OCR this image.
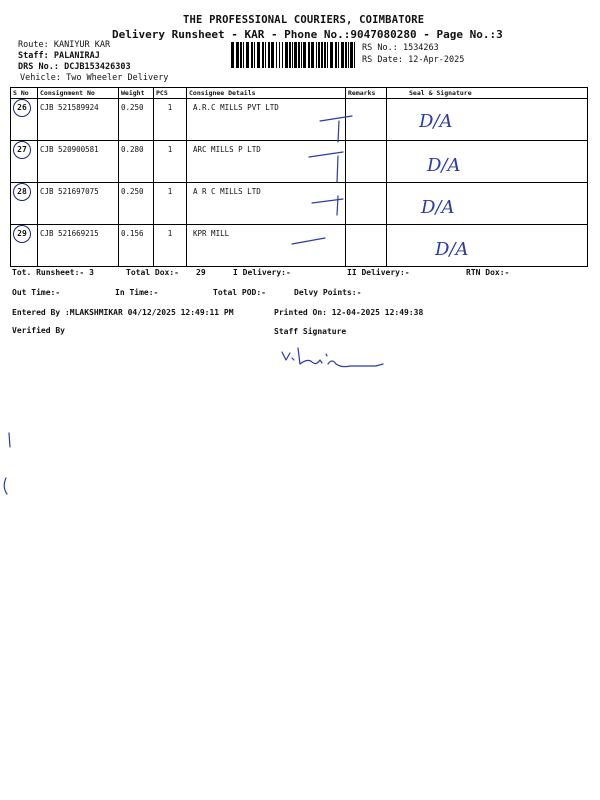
THE PROFESSIONAL COURIERS, COIMBATORE
Delivery Runsheet - KAR - Phone No.:9047080280 - Page No.:3
Route: KANIYUR KAR
Staff: PALANIRAJ
DRS No.: DCJB153426303
Vehicle: Two Wheeler Delivery
RS No.: 1534263
RS Date: 12-Apr-2025
S No	Consignment No	Weight	PCS	Consignee Details	Remarks	Seal & Signature
26	CJB 521589924	0.250	1	A.R.C MILLS PVT LTD		D/A

27	CJB 520900581	0.280	1	ARC MILLS P LTD		D/A

28	CJB 521697075	0.250	1	A R C MILLS LTD		D/A

29	CJB 521669215	0.156	1	KPR MILL		D/A
Tot. Runsheet:- 3	Total Dox:- 29	I Delivery:-	II Delivery:-	RTN Dox:-
Out Time:-	In Time:-	Total POD:-	Delvy Points:-
Entered By :MLAKSHMIKAR 04/12/2025 12:49:11 PM	Printed On: 12-04-2025 12:49:38
Verified By	Staff Signature
